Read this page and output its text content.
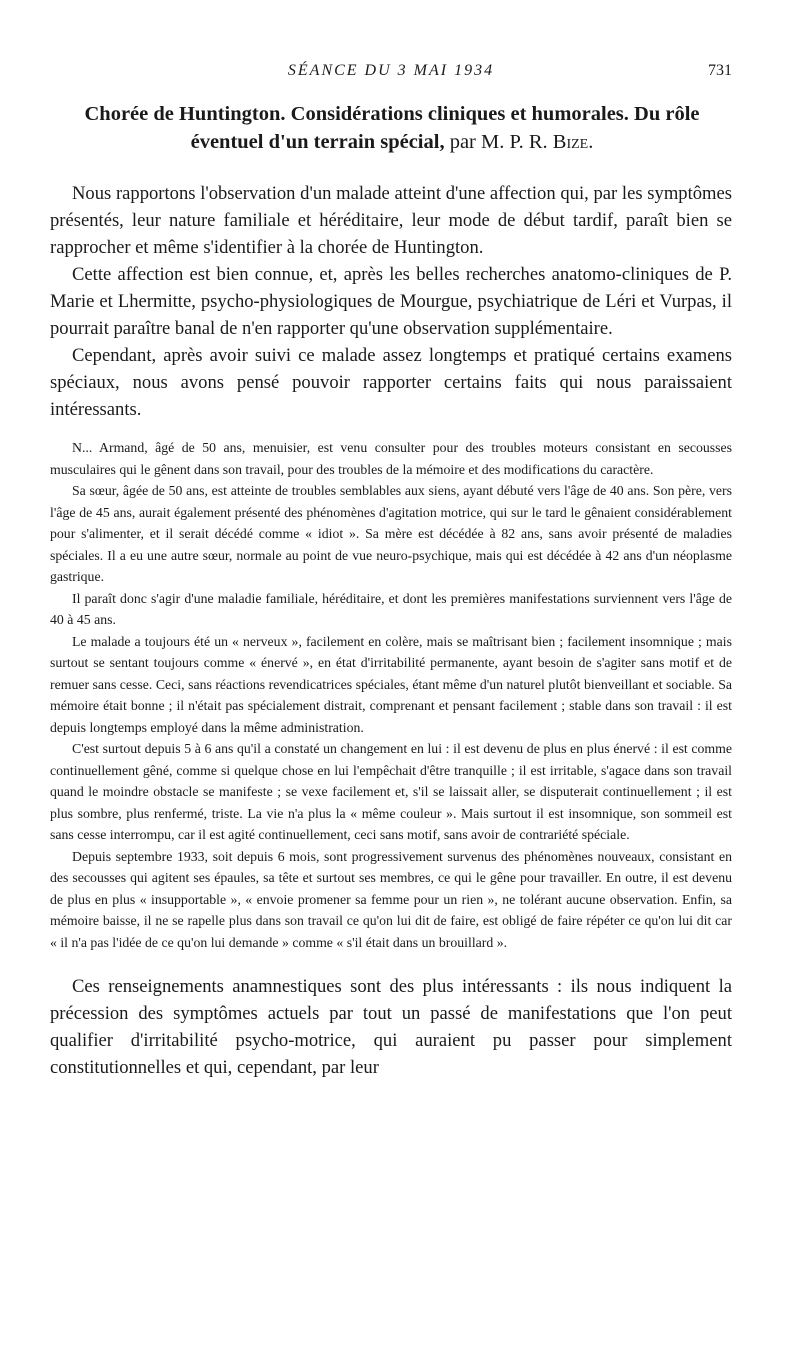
SÉANCE DU 3 MAI 1934	731
Chorée de Huntington. Considérations cliniques et humorales. Du rôle éventuel d'un terrain spécial, par M. P. R. Bize.

Nous rapportons l'observation d'un malade atteint d'une affection qui, par les symptômes présentés, leur nature familiale et héréditaire, leur mode de début tardif, paraît bien se rapprocher et même s'identifier à la chorée de Huntington.

Cette affection est bien connue, et, après les belles recherches anatomo-cliniques de P. Marie et Lhermitte, psycho-physiologiques de Mourgue, psychiatrique de Léri et Vurpas, il pourrait paraître banal de n'en rapporter qu'une observation supplémentaire.

Cependant, après avoir suivi ce malade assez longtemps et pratiqué certains examens spéciaux, nous avons pensé pouvoir rapporter certains faits qui nous paraissaient intéressants.

N... Armand, âgé de 50 ans, menuisier, est venu consulter pour des troubles moteurs consistant en secousses musculaires qui le gênent dans son travail, pour des troubles de la mémoire et des modifications du caractère.

Sa sœur, âgée de 50 ans, est atteinte de troubles semblables aux siens, ayant débuté vers l'âge de 40 ans. Son père, vers l'âge de 45 ans, aurait également présenté des phénomènes d'agitation motrice, qui sur le tard le gênaient considérablement pour s'alimenter, et il serait décédé comme « idiot ». Sa mère est décédée à 82 ans, sans avoir présenté de maladies spéciales. Il a eu une autre sœur, normale au point de vue neuro-psychique, mais qui est décédée à 42 ans d'un néoplasme gastrique.

Il paraît donc s'agir d'une maladie familiale, héréditaire, et dont les premières manifestations surviennent vers l'âge de 40 à 45 ans.

Le malade a toujours été un « nerveux », facilement en colère, mais se maîtrisant bien ; facilement insomnique ; mais surtout se sentant toujours comme « énervé », en état d'irritabilité permanente, ayant besoin de s'agiter sans motif et de remuer sans cesse. Ceci, sans réactions revendicatrices spéciales, étant même d'un naturel plutôt bienveillant et sociable. Sa mémoire était bonne ; il n'était pas spécialement distrait, comprenant et pensant facilement ; stable dans son travail : il est depuis longtemps employé dans la même administration.

C'est surtout depuis 5 à 6 ans qu'il a constaté un changement en lui : il est devenu de plus en plus énervé : il est comme continuellement gêné, comme si quelque chose en lui l'empêchait d'être tranquille ; il est irritable, s'agace dans son travail quand le moindre obstacle se manifeste ; se vexe facilement et, s'il se laissait aller, se disputerait continuellement ; il est plus sombre, plus renfermé, triste. La vie n'a plus la « même couleur ». Mais surtout il est insomnique, son sommeil est sans cesse interrompu, car il est agité continuellement, ceci sans motif, sans avoir de contrariété spéciale.

Depuis septembre 1933, soit depuis 6 mois, sont progressivement survenus des phénomènes nouveaux, consistant en des secousses qui agitent ses épaules, sa tête et surtout ses membres, ce qui le gêne pour travailler. En outre, il est devenu de plus en plus « insupportable », « envoie promener sa femme pour un rien », ne tolérant aucune observation. Enfin, sa mémoire baisse, il ne se rapelle plus dans son travail ce qu'on lui dit de faire, est obligé de faire répéter ce qu'on lui dit car « il n'a pas l'idée de ce qu'on lui demande » comme « s'il était dans un brouillard ».

Ces renseignements anamnestiques sont des plus intéressants : ils nous indiquent la précession des symptômes actuels par tout un passé de manifestations que l'on peut qualifier d'irritabilité psycho-motrice, qui auraient pu passer pour simplement constitutionnelles et qui, cependant, par leur
